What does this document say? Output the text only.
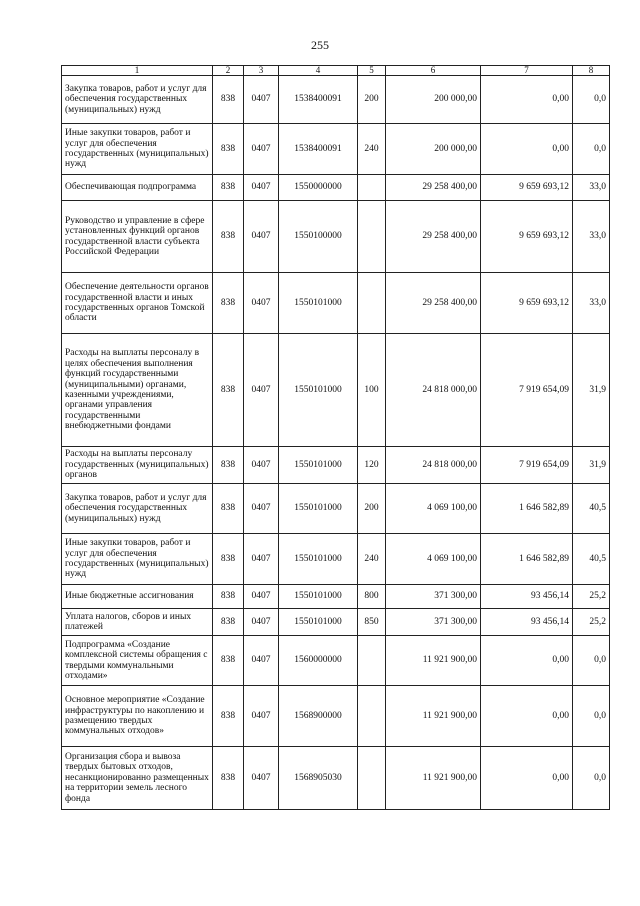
255
1	2	3	4	5	6	7	8
Закупка товаров, работ и услуг для обеспечения государственных (муниципальных) нужд	838	0407	1538400091	200	200 000,00	0,00	0,0
Иные закупки товаров, работ и услуг для обеспечения государственных (муниципальных) нужд	838	0407	1538400091	240	200 000,00	0,00	0,0
Обеспечивающая подпрограмма	838	0407	1550000000		29 258 400,00	9 659 693,12	33,0
Руководство и управление в сфере установленных функций органов государственной власти субъекта Российской Федерации	838	0407	1550100000		29 258 400,00	9 659 693,12	33,0
Обеспечение деятельности органов государственной власти и иных государственных органов Томской области	838	0407	1550101000		29 258 400,00	9 659 693,12	33,0
Расходы на выплаты персоналу в целях обеспечения выполнения функций государственными (муниципальными) органами, казенными учреждениями, органами управления государственными внебюджетными фондами	838	0407	1550101000	100	24 818 000,00	7 919 654,09	31,9
Расходы на выплаты персоналу государственных (муниципальных) органов	838	0407	1550101000	120	24 818 000,00	7 919 654,09	31,9
Закупка товаров, работ и услуг для обеспечения государственных (муниципальных) нужд	838	0407	1550101000	200	4 069 100,00	1 646 582,89	40,5
Иные закупки товаров, работ и услуг для обеспечения государственных (муниципальных) нужд	838	0407	1550101000	240	4 069 100,00	1 646 582,89	40,5
Иные бюджетные ассигнования	838	0407	1550101000	800	371 300,00	93 456,14	25,2
Уплата налогов, сборов и иных платежей	838	0407	1550101000	850	371 300,00	93 456,14	25,2
Подпрограмма «Создание комплексной системы обращения с твердыми коммунальными отходами»	838	0407	1560000000		11 921 900,00	0,00	0,0
Основное мероприятие «Создание инфраструктуры по накоплению и размещению твердых коммунальных отходов»	838	0407	1568900000		11 921 900,00	0,00	0,0
Организация сбора и вывоза твердых бытовых отходов, несанкционированно размещенных на территории земель лесного фонда	838	0407	1568905030		11 921 900,00	0,00	0,0
